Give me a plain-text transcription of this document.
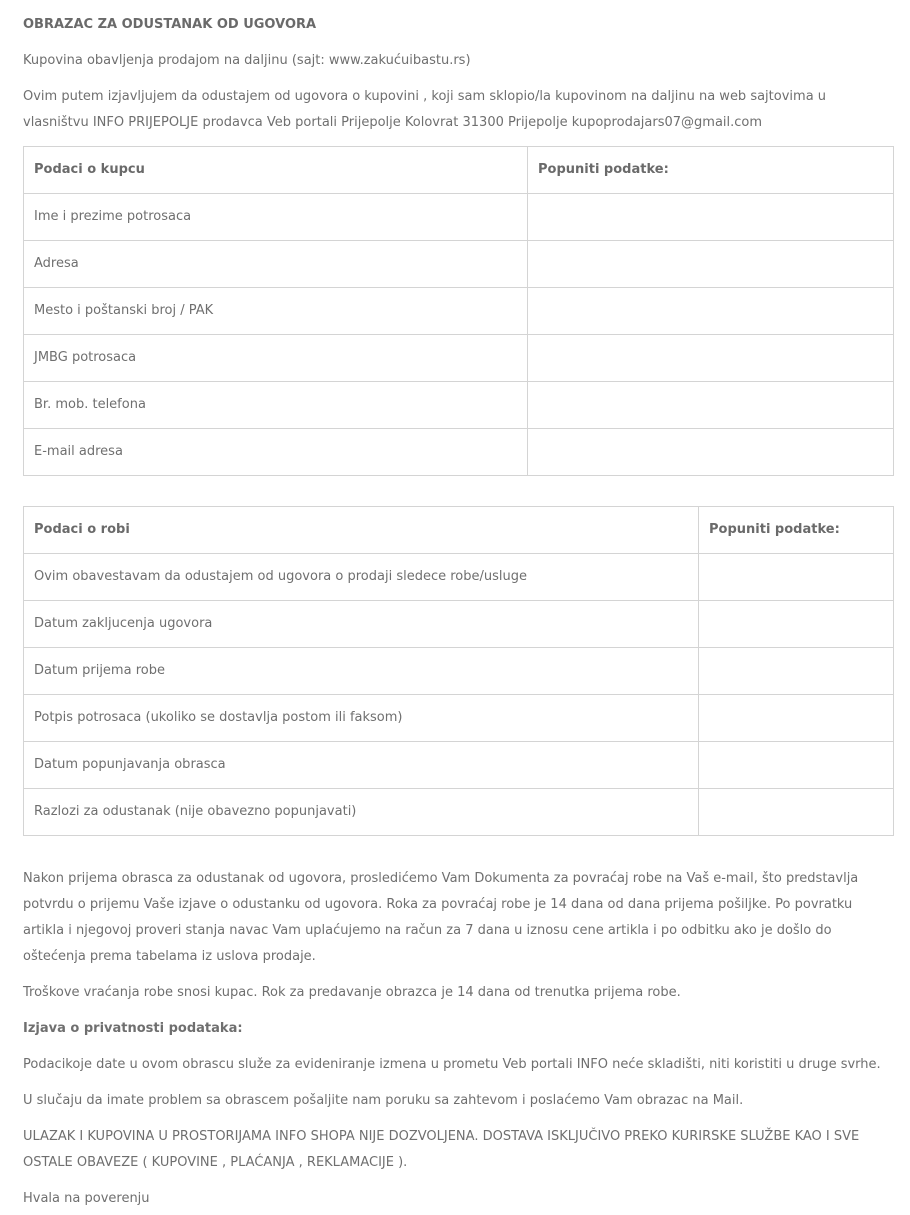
OBRAZAC ZA ODUSTANAK OD UGOVORA

Kupovina obavljenja prodajom na daljinu (sajt: www.zakućuibastu.rs)

Ovim putem izjavljujem da odustajem od ugovora o kupovini , koji sam sklopio/la kupovinom na daljinu na web sajtovima u vlasništvu INFO PRIJEPOLJE prodavca Veb portali Prijepolje Kolovrat 31300 Prijepolje kupoprodajars07@gmail.com

Podaci o kupcu	Popuniti podatke:
Ime i prezime potrosaca	
Adresa	
Mesto i poštanski broj / PAK	
JMBG potrosaca	
Br. mob. telefona	
E-mail adresa	
Podaci o robi	Popuniti podatke:
Ovim obavestavam da odustajem od ugovora o prodaji sledece robe/usluge	
Datum zakljucenja ugovora	
Datum prijema robe	
Potpis potrosaca (ukoliko se dostavlja postom ili faksom)	
Datum popunjavanja obrasca	
Razlozi za odustanak (nije obavezno popunjavati)	

Nakon prijema obrasca za odustanak od ugovora, prosledićemo Vam Dokumenta za povraćaj robe na Vaš e-mail, što predstavlja potvrdu o prijemu Vaše izjave o odustanku od ugovora. Roka za povraćaj robe je 14 dana od dana prijema pošiljke. Po povratku artikla i njegovoj proveri stanja navac Vam uplaćujemo na račun za 7 dana u iznosu cene artikla i po odbitku ako je došlo do oštećenja prema tabelama iz uslova prodaje.

Troškove vraćanja robe snosi kupac. Rok za predavanje obrazca je 14 dana od trenutka prijema robe.

Izjava o privatnosti podataka:

Podacikoje date u ovom obrascu služe za evideniranje izmena u prometu Veb portali INFO neće skladišti, niti koristiti u druge svrhe.

U slučaju da imate problem sa obrascem pošaljite nam poruku sa zahtevom i poslaćemo Vam obrazac na Mail.

ULAZAK I KUPOVINA U PROSTORIJAMA INFO SHOPA NIJE DOZVOLJENA. DOSTAVA ISKLJUČIVO PREKO KURIRSKE SLUŽBE KAO I SVE OSTALE OBAVEZE ( KUPOVINE , PLAĆANJA , REKLAMACIJE ).

Hvala na poverenju
